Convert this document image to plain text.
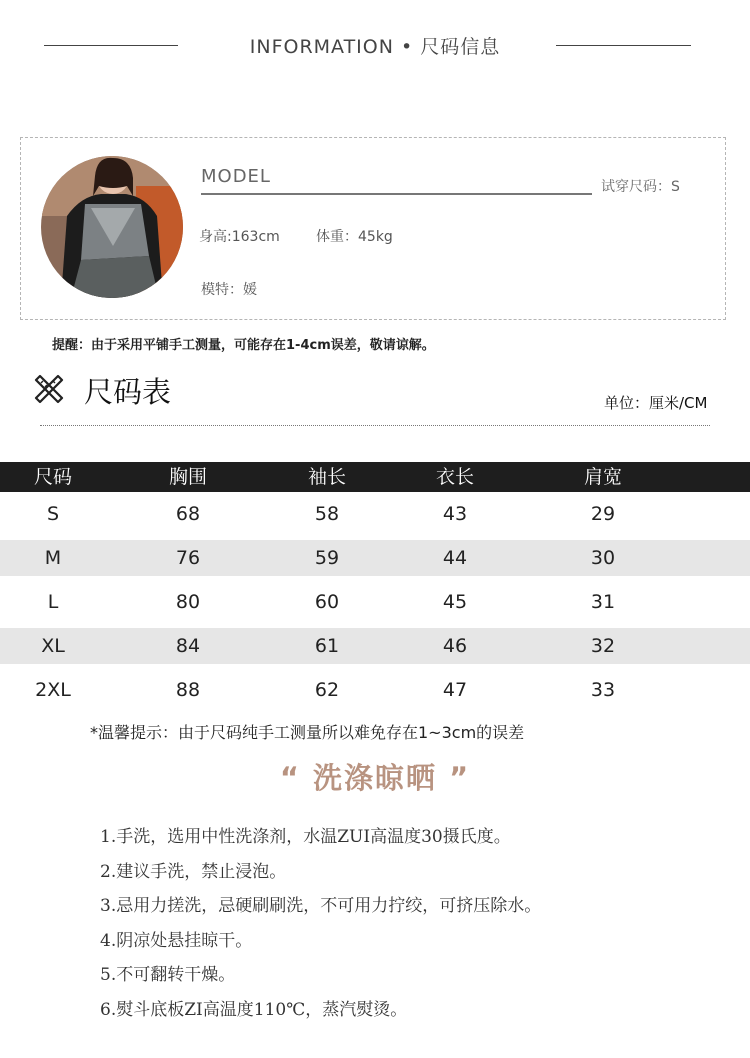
INFORMATION • 尺码信息
MODEL	试穿尺码：S
身高:163cm	体重：45kg
模特：媛
提醒：由于采用平铺手工测量，可能存在1-4cm误差，敬请谅解。
尺码表	单位：厘米/CM
尺码	胸围	袖长	衣长	肩宽
S	68	58	43	29
M	76	59	44	30
L	80	60	45	31
XL	84	61	46	32
2XL	88	62	47	33
*温馨提示：由于尺码纯手工测量所以难免存在1~3cm的误差
“ 洗涤晾晒 ”
1.手洗，选用中性洗涤剂，水温ZUI高温度30摄氏度。
2.建议手洗，禁止浸泡。
3.忌用力搓洗，忌硬刷刷洗，不可用力拧绞，可挤压除水。
4.阴凉处悬挂晾干。
5.不可翻转干燥。
6.熨斗底板ZI高温度110℃，蒸汽熨烫。
